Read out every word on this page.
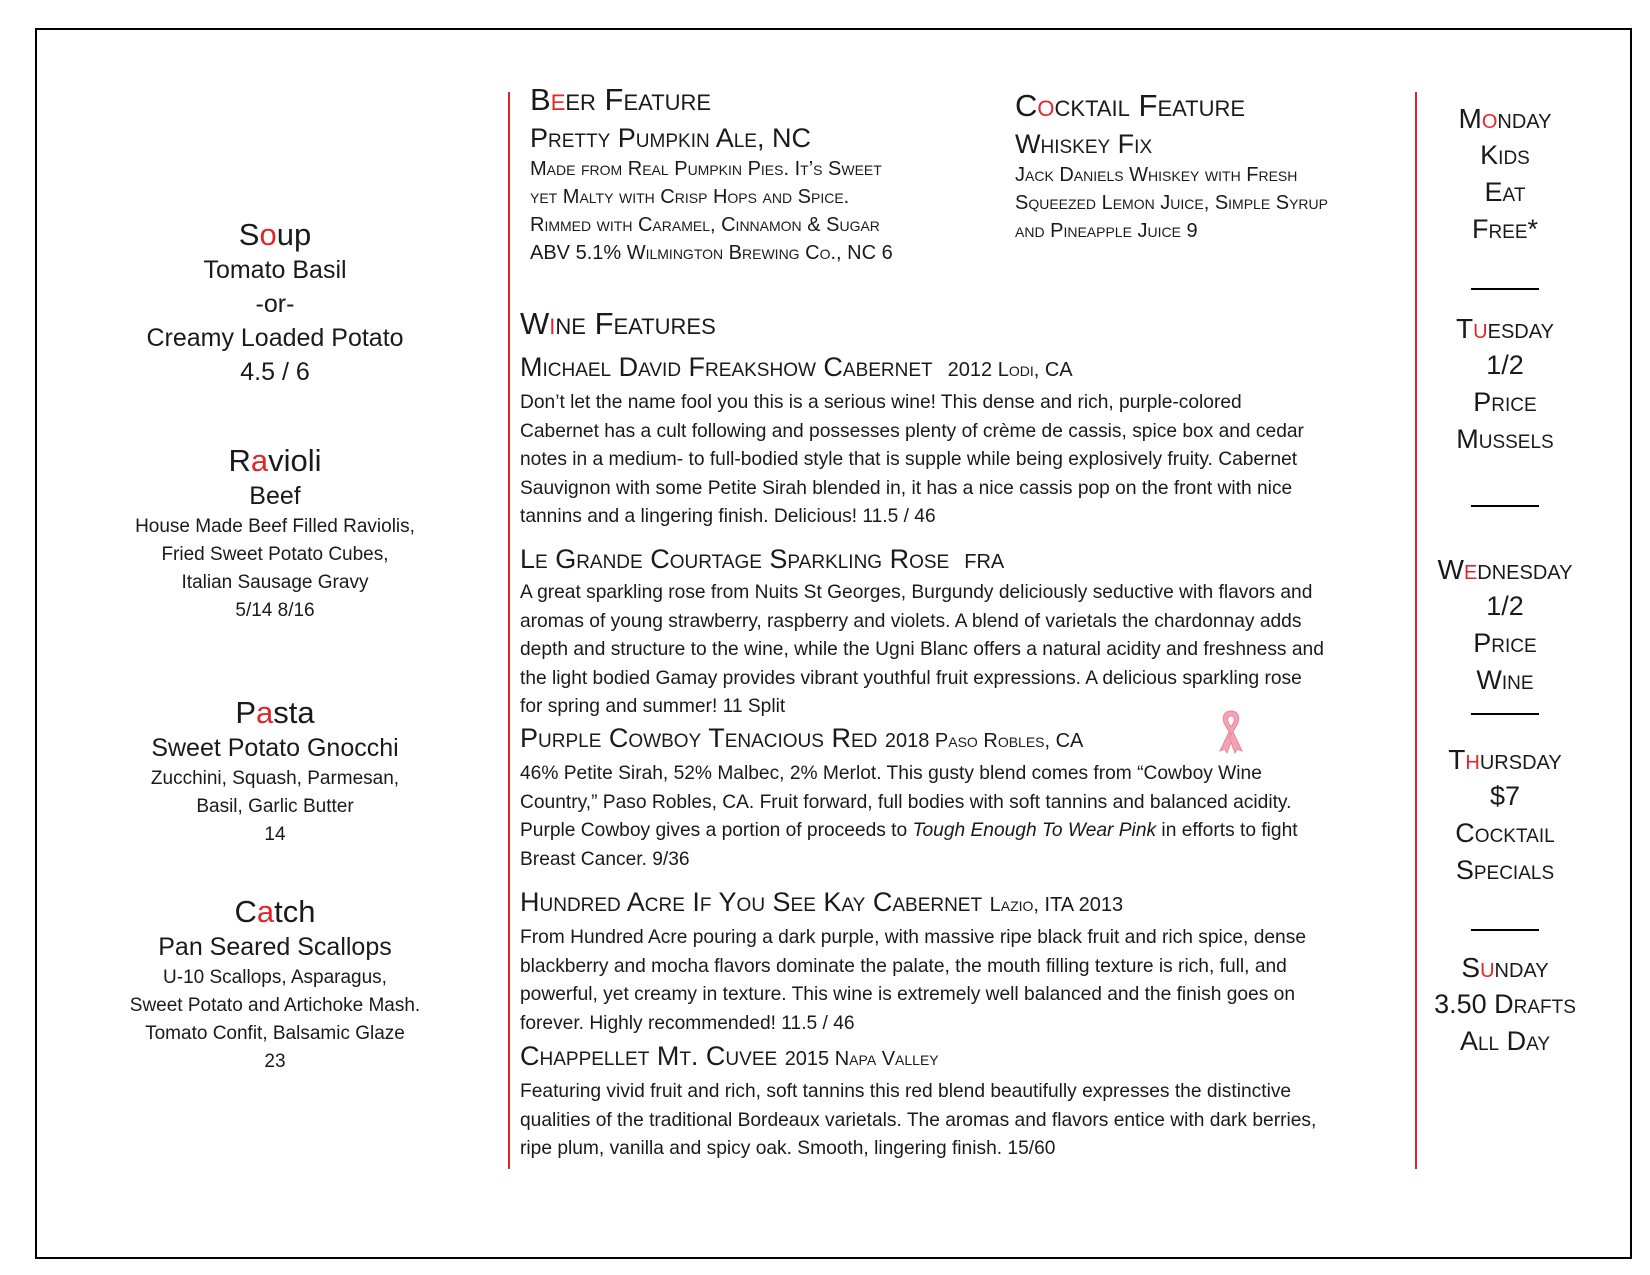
Soup
Tomato Basil
-or-
Creamy Loaded Potato
4.5 / 6
Ravioli
Beef
House Made Beef Filled Raviolis,
Fried Sweet Potato Cubes,
Italian Sausage Gravy
5/14 8/16
Pasta
Sweet Potato Gnocchi
Zucchini, Squash, Parmesan,
Basil, Garlic Butter
14
Catch
Pan Seared Scallops
U-10 Scallops, Asparagus,
Sweet Potato and Artichoke Mash.
Tomato Confit, Balsamic Glaze
23
Beer Feature
Pretty Pumpkin Ale, NC
Made from Real Pumpkin Pies. It’s Sweet
yet Malty with Crisp Hops and Spice.
Rimmed with Caramel, Cinnamon & Sugar
ABV 5.1% Wilmington Brewing Co., NC 6
Cocktail Feature
Whiskey Fix
Jack Daniels Whiskey with Fresh
Squeezed Lemon Juice, Simple Syrup
and Pineapple Juice 9
Wine Features
Michael David Freakshow Cabernet 2012 Lodi, CA
Don’t let the name fool you this is a serious wine! This dense and rich, purple-colored
Cabernet has a cult following and possesses plenty of crème de cassis, spice box and cedar
notes in a medium- to full-bodied style that is supple while being explosively fruity. Cabernet
Sauvignon with some Petite Sirah blended in, it has a nice cassis pop on the front with nice
tannins and a lingering finish. Delicious! 11.5 / 46
Le Grande Courtage Sparkling Rose FRA
A great sparkling rose from Nuits St Georges, Burgundy deliciously seductive with flavors and
aromas of young strawberry, raspberry and violets. A blend of varietals the chardonnay adds
depth and structure to the wine, while the Ugni Blanc offers a natural acidity and freshness and
the light bodied Gamay provides vibrant youthful fruit expressions. A delicious sparkling rose
for spring and summer! 11 Split
Purple Cowboy Tenacious Red 2018 Paso Robles, CA
46% Petite Sirah, 52% Malbec, 2% Merlot. This gusty blend comes from “Cowboy Wine
Country,” Paso Robles, CA. Fruit forward, full bodies with soft tannins and balanced acidity.
Purple Cowboy gives a portion of proceeds to Tough Enough To Wear Pink in efforts to fight
Breast Cancer. 9/36
Hundred Acre If You See Kay Cabernet Lazio, ITA 2013
From Hundred Acre pouring a dark purple, with massive ripe black fruit and rich spice, dense
blackberry and mocha flavors dominate the palate, the mouth filling texture is rich, full, and
powerful, yet creamy in texture. This wine is extremely well balanced and the finish goes on
forever. Highly recommended! 11.5 / 46
Chappellet Mt. Cuvee 2015 Napa Valley
Featuring vivid fruit and rich, soft tannins this red blend beautifully expresses the distinctive
qualities of the traditional Bordeaux varietals. The aromas and flavors entice with dark berries,
ripe plum, vanilla and spicy oak. Smooth, lingering finish. 15/60
Monday
Kids
Eat
Free*
Tuesday
1/2
Price
Mussels
Wednesday
1/2
Price
Wine
Thursday
$7
Cocktail
Specials
Sunday
3.50 Drafts
All Day
